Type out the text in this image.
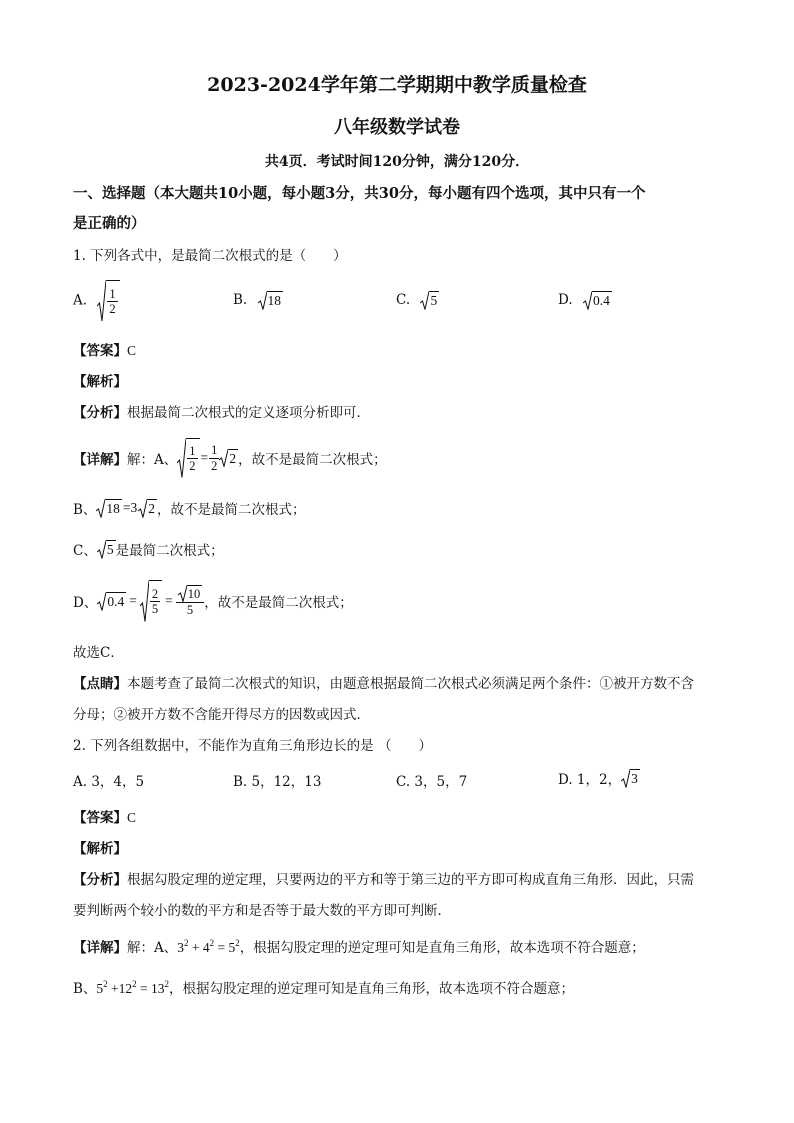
2023-2024学年第二学期期中教学质量检查
八年级数学试卷
共4页．考试时间120分钟，满分120分．
一、选择题（本大题共10小题，每小题3分，共30分，每小题有四个选项，其中只有一个
是正确的）
1. 下列各式中，是最简二次根式的是（　　）
A. $\frac{1}{2}$	B. 18	C. 5	D. 0.4
【答案】C
【解析】
【分析】根据最简二次根式的定义逐项分析即可．
【详解】 解：A、 $\frac{1}{2} = \frac{1}{2} 2$ ，故不是最简二次根式；
B、 18 =3 2 ，故不是最简二次根式；
C、 5 是最简二次根式；
D、 $0.4 = \frac{2}{5} = \frac{10}{5}$ ，故不是最简二次根式；
故选C．
【点睛】本题考查了最简二次根式的知识，由题意根据最简二次根式必须满足两个条件：①被开方数不含
分母；②被开方数不含能开得尽方的因数或因式．
2. 下列各组数据中，不能作为直角三角形边长的是 （　　）
A. 3，4，5	B. 5，12，13	C. 3，5，7	D. 1，2， 3
【答案】C
【解析】
【分析】根据勾股定理的逆定理，只要两边的平方和等于第三边的平方即可构成直角三角形．因此，只需
要判断两个较小的数的平方和是否等于最大数的平方即可判断．
【详解】解：A、$3^2 + 4^2 = 5^2$，根据勾股定理的逆定理可知是直角三角形，故本选项不符合题意；
B、$5^2 +12^2 = 13^2$，根据勾股定理的逆定理可知是直角三角形，故本选项不符合题意；
